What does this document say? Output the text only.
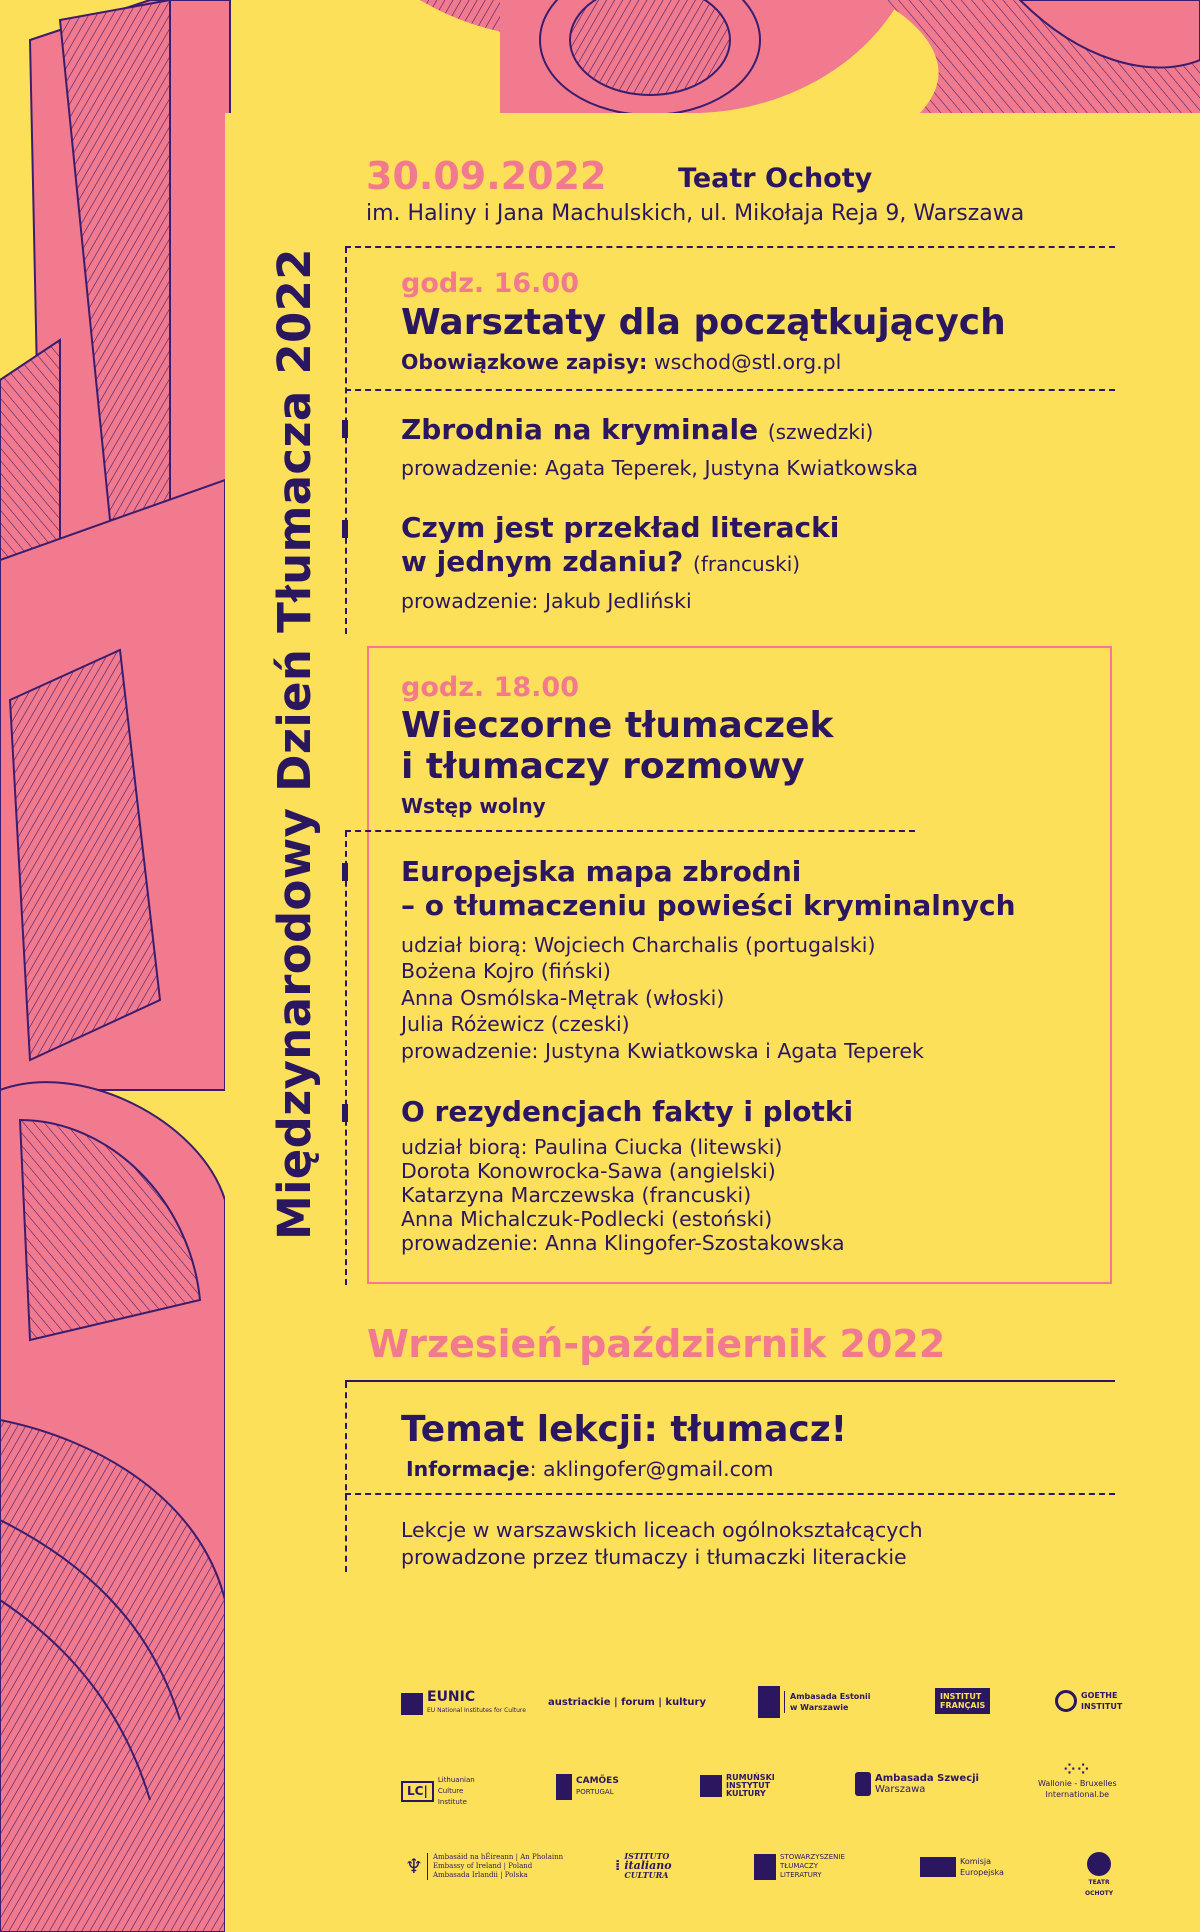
Międzynarodowy Dzień Tłumacza 2022
30.09.2022	Teatr Ochoty
im. Haliny i Jana Machulskich, ul. Mikołaja Reja 9, Warszawa
godz. 16.00
Warsztaty dla początkujących
Obowiązkowe zapisy: wschod@stl.org.pl
Zbrodnia na kryminale (szwedzki)
prowadzenie: Agata Teperek, Justyna Kwiatkowska
Czym jest przekład literacki
w jednym zdaniu? (francuski)
prowadzenie: Jakub Jedliński
godz. 18.00
Wieczorne tłumaczek
i tłumaczy rozmowy
Wstęp wolny
Europejska mapa zbrodni
– o tłumaczeniu powieści kryminalnych
udział biorą: Wojciech Charchalis (portugalski)
Bożena Kojro (fiński)
Anna Osmólska-Mętrak (włoski)
Julia Różewicz (czeski)
prowadzenie: Justyna Kwiatkowska i Agata Teperek
O rezydencjach fakty i plotki
udział biorą: Paulina Ciucka (litewski)
Dorota Konowrocka-Sawa (angielski)
Katarzyna Marczewska (francuski)
Anna Michalczuk-Podlecki (estoński)
prowadzenie: Anna Klingofer-Szostakowska
Wrzesień-październik 2022
Temat lekcji: tłumacz!
Informacje: aklingofer@gmail.com
Lekcje w warszawskich liceach ogólnokształcących
prowadzone przez tłumaczy i tłumaczki literackie
EUNIC
EU National Institutes for Culture
austriackie | forum | kultury
Ambasada Estonii
w Warszawie
INSTITUT
FRANÇAIS
GOETHE
INSTITUT
LC|
Lithuanian Culture Institute
CAMÕES
PORTUGAL
RUMUŃSKI
INSTYTUT
KULTURY
Ambasada Szwecji
Warszawa
⁘⁘
Wallonie - Bruxelles
International.be
♆	Ambasáid na hÉireann | An Pholainn
Embassy of Ireland | Poland
Ambasada Irlandii | Polska
⁞
ISTITUTO
italiano
CULTURA
STOWARZYSZENIE
TŁUMACZY
LITERATURY
Komisja
Europejska
TEATR
OCHOTY
